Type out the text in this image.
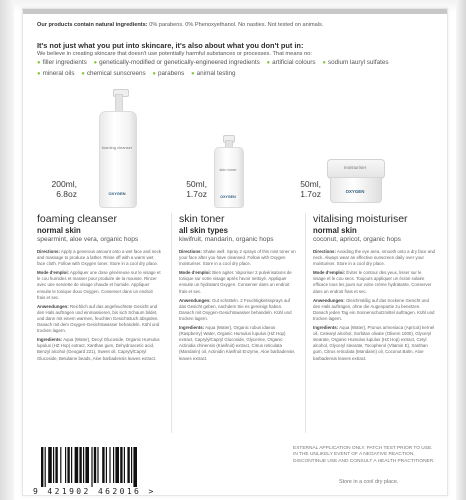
Our products contain natural ingredients: 0% parabens. 0% Phenoxyethanol. No nasties. Not tested on animals.
It's not just what you put into skincare, it's also about what you don't put in:
We believe in creating skincare that doesn't use potentially harmful substances or processes. That means no:
● filler ingredients ● genetically-modified or genetically-engineered ingredients ● artificial colours ● sodium lauryl sulfates ● mineral oils ● chemical sunscreens ● parabens ● animal testing
foaming cleanser
OXYGEN
200ml,
6.8oz
skin toner
OXYGEN
50ml,
1.7oz
moisturiser
OXYGEN
50ml,
1.7oz
foaming cleanser
normal skin
spearmint, aloe vera, organic hops

Directions: Apply a generous amount onto a wet face and neck and massage to produce a lather. Rinse off with a warm wet face cloth. Follow with Oxygen toner. Store in a cool dry place.

Mode d'emploi: Appliquer une dose généreuse sur le visage et le cou humides et masser pour produire de la mousse. Rincer avec une serviette de visage chaude et humide. Appliquer ensuite le tonique doux Oxygen. Conserver dans un endroit frais et sec.

Anwendungen: Reichlich auf das angefeuchtete Gesicht und den Hals auftragen und einmassieren, bis sich Schaum bildet, und dann mit einem warmen, feuchten Gesichtstuch abspülen. Danach mit dem Oxygen-Gesichtswasser behandeln. Kühl und trocken lagern.

Ingredients: Aqua (Water), Decyl Glucoside, Organic Humulus lupulus (HZ Hop) extract, Xanthan gum, Dehydroacetic acid, Benzyl alcohol (Geogard 221), Sweet oil, CaprylylCapryl Glucoside, Betulaine beads, Aloe barbadensis leaves extract.

skin toner
all skin types
kiwifruit, mandarin, organic hops

Directions: Shake well. Spray 2 sprays of this mist toner on your face after you have cleansed. Follow with Oxygen moisturiser. Store in a cool dry place.

Mode d'emploi: Bien agiter. Vaporiser 2 pulvérisations de tonique sur votre visage après l'avoir nettoyé. Appliquer ensuite un hydratant Oxygen. Conserver dans un endroit frais et sec.

Anwendungen: Gut schütteln. 2 Feuchtigkeitssprays auf das Gesicht geben, nachdem Sie es gereinigt haben. Danach mit Oxygen-Gesichtswasser behandeln. Kühl und trocken lagern.

Ingredients: Aqua (Water), Organic rubus idaeus (Raspberry) Water, Organic Humulus lupulus (HZ Hop) extract, CaprylylCapryl Glucoside, Glycerine, Organic Actinidia chinensis (Kiwifruit) extract, Citrus reticulata (Mandarin) oil, Actinidin Kiwifruit Enzyme, Aloe barbadensis leaves extract.

vitalising moisturiser
normal skin
coconut, apricot, organic hops

Directions: Avoiding the eye area, smooth onto a dry face and neck. Always wear an effective sunscreen daily over your moisturiser. Store in a cool dry place.

Mode d'emploi: Éviter le contour des yeux, lisser sur le visage et le cou secs. Toujours appliquer un écran solaire efficace tous les jours sur votre crème hydratante. Conserver dans un endroit frais et sec.

Anwendungen: Gleichmäßig auf das trockene Gesicht und den Hals auftragen, ohne die Augenpartie zu benetzen. Danach jeden Tag ein Sonnenschutzmittel auftragen. Kühl und trocken lagern.

Ingredients: Aqua (Water), Prunus armeniaca (Apricot) kernel oil, Cetearyl alcohol, Sorbitan olivate (Olivem 1000), Glyceryl stearate, Organic Humulus lupulus (HZ Hop) extract, Cetyl alcohol, Glyceryl stearate, Tocopherol (Vitamin E), Xanthan gum, Citrus reticulata (Mandarin) oil, Coconut Balm, Aloe barbadensis leaves extract.

9 421902 462016 >
EXTERNAL APPLICATION ONLY. PATCH TEST PRIOR TO USE. IN THE UNLIKELY EVENT OF A NEGATIVE REACTION, DISCONTINUE USE AND CONSULT A HEALTH PRACTITIONER.
Store in a cool dry place.
